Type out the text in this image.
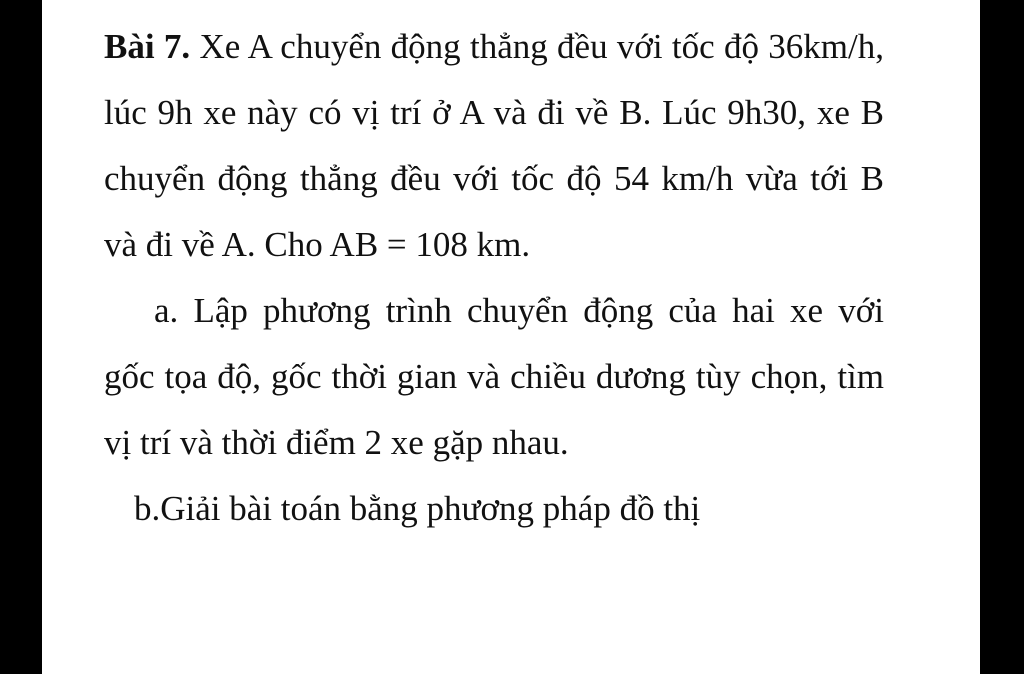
Bài 7. Xe A chuyển động thẳng đều với tốc độ 36km/h, lúc 9h xe này có vị trí ở A và đi về B. Lúc 9h30, xe B chuyển động thẳng đều với tốc độ 54 km/h vừa tới B và đi về A. Cho AB = 108 km.

a. Lập phương trình chuyển động của hai xe với gốc tọa độ, gốc thời gian và chiều dương tùy chọn, tìm vị trí và thời điểm 2 xe gặp nhau.

b.Giải bài toán bằng phương pháp đồ thị
